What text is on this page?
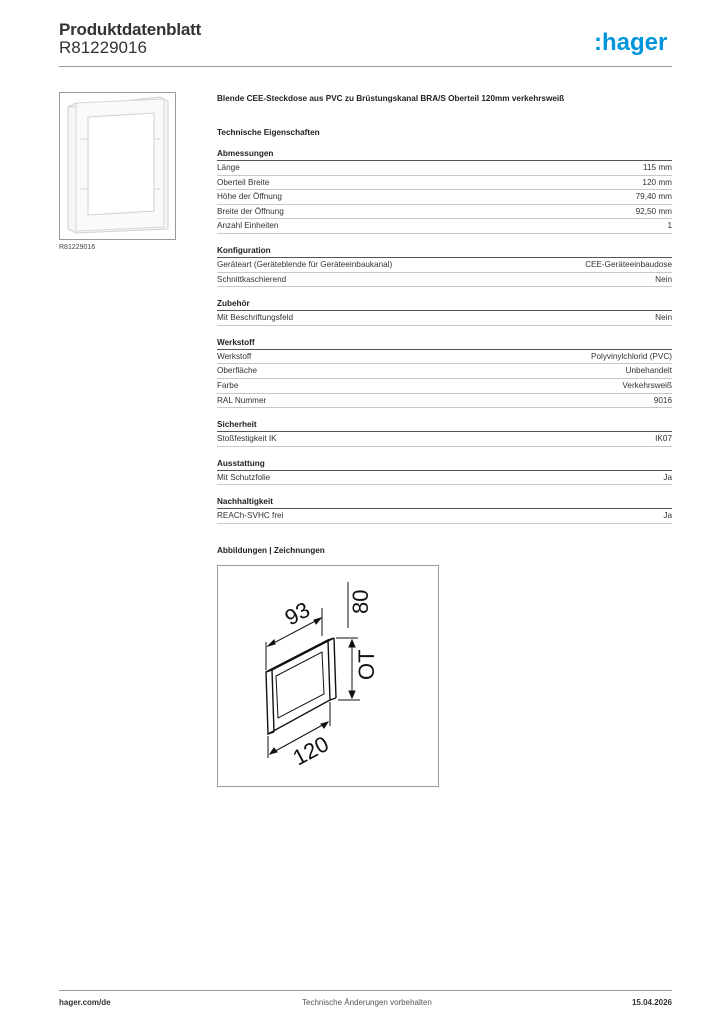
Produktdatenblatt
R81229016	:hager
R81229016
Blende CEE-Steckdose aus PVC zu Brüstungskanal BRA/S Oberteil 120mm verkehrsweiß
Technische Eigenschaften
Abmessungen
Länge	115 mm
Oberteil Breite	120 mm
Höhe der Öffnung	79,40 mm
Breite der Öffnung	92,50 mm
Anzahl Einheiten	1
Konfiguration
Geräteart (Geräteblende für Geräteeinbaukanal)	CEE-Geräteeinbaudose
Schnittkaschierend	Nein
Zubehör
Mit Beschriftungsfeld	Nein
Werkstoff
Werkstoff	Polyvinylchlorid (PVC)
Oberfläche	Unbehandelt
Farbe	Verkehrsweiß
RAL Nummer	9016
Sicherheit
Stoßfestigkeit IK	IK07
Ausstattung
Mit Schutzfolie	Ja
Nachhaltigkeit
REACh-SVHC frei	Ja
Abbildungen | Zeichnungen
93 80
OT
120
hager.com/de	Technische Änderungen vorbehalten	15.04.2026
